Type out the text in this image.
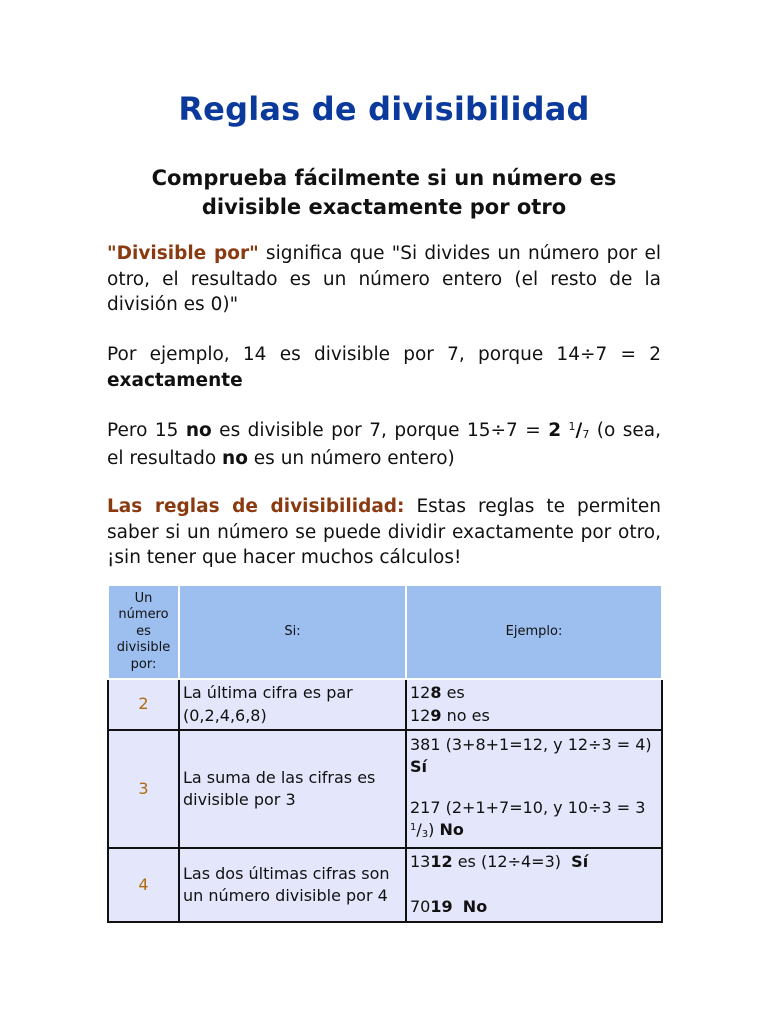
Reglas de divisibilidad

Comprueba fácilmente si un número es divisible exactamente por otro

"Divisible por" significa que "Si divides un número por el otro, el resultado es un número entero (el resto de la división es 0)"

Por ejemplo, 14 es divisible por 7, porque 14÷7 = 2 exactamente

Pero 15 no es divisible por 7, porque 15÷7 = 2 $^1$/7 (o sea, el resultado no es un número entero)

Las reglas de divisibilidad: Estas reglas te permiten saber si un número se puede dividir exactamente por otro, ¡sin tener que hacer muchos cálculos!

Un número es divisible por:	Si:	Ejemplo:
2	La última cifra es par (0,2,4,6,8)	128 es
129 no es

3	La suma de las cifras es divisible por 3	381 (3+8+1=12, y 12÷3 = 4) Sí
217 (2+1+7=10, y 10÷3 = 3 $^1$/3) No

4	Las dos últimas cifras son un número divisible por 4	1312 es (12÷4=3)  Sí
7019 No
